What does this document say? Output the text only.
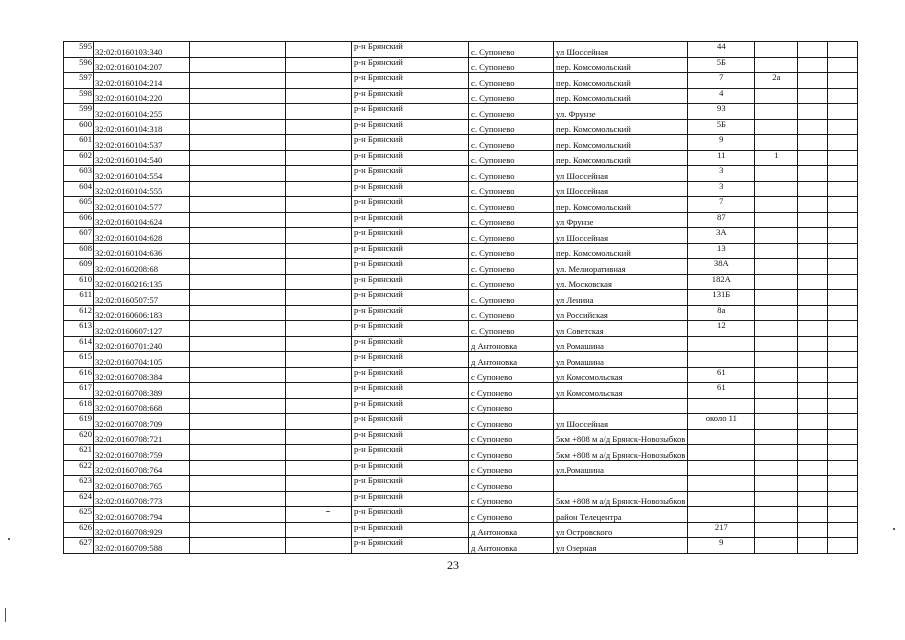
595	32:02:0160103:340			р-н Брянский	с. Супонево	ул Шоссейная	44			
596	32:02:0160104:207			р-н Брянский	с. Супонево	пер. Комсомольский	5Б			
597	32:02:0160104:214			р-н Брянский	с. Супонево	пер. Комсомольский	7	2а		
598	32:02:0160104:220			р-н Брянский	с. Супонево	пер. Комсомольский	4			
599	32:02:0160104:255			р-н Брянский	с. Супонево	ул. Фрунзе	93			
600	32:02:0160104:318			р-н Брянский	с. Супонево	пер. Комсомольский	5Б			
601	32:02:0160104:537			р-н Брянский	с. Супонево	пер. Комсомольский	9			
602	32:02:0160104:540			р-н Брянский	с. Супонево	пер. Комсомольский	11	1		
603	32:02:0160104:554			р-н Брянский	с. Супонево	ул Шоссейная	3			
604	32:02:0160104:555			р-н Брянский	с. Супонево	ул Шоссейная	3			
605	32:02:0160104:577			р-н Брянский	с. Супонево	пер. Комсомольский	7			
606	32:02:0160104:624			р-н Брянский	с. Супонево	ул Фрунзе	87			
607	32:02:0160104:628			р-н Брянский	с. Супонево	ул Шоссейная	3А			
608	32:02:0160104:636			р-н Брянский	с. Супонево	пер. Комсомольский	13			
609	32:02:0160208:68			р-н Брянский	с. Супонево	ул. Мелиоративная	38А			
610	32:02:0160216:135			р-н Брянский	с. Супонево	ул. Московская	182А			
611	32:02:0160507:57			р-н Брянский	с. Супонево	ул Ленина	131Б			
612	32:02:0160606:183			р-н Брянский	с. Супонево	ул Российская	8а			
613	32:02:0160607:127			р-н Брянский	с. Супонево	ул Советская	12			
614	32:02:0160701:240			р-н Брянский	д Антоновка	ул Ромашина				
615	32:02:0160704:105			р-н Брянский	д Антоновка	ул Ромашина				
616	32:02:0160708:384			р-н Брянский	с Супонево	ул Комсомольская	61			
617	32:02:0160708:389			р-н Брянский	с Супонево	ул Комсомольская	61			
618	32:02:0160708:668			р-н Брянский	с Супонево					
619	32:02:0160708:709			р-н Брянский	с Супонево	ул Шоссейная	около 11			
620	32:02:0160708:721			р-н Брянский	с Супонево	5км +808 м а/д Брянск-Новозыбков				
621	32:02:0160708:759			р-н Брянский	с Супонево	5км +808 м а/д Брянск-Новозыбков				
622	32:02:0160708:764			р-н Брянский	с Супонево	ул.Ромашина				
623	32:02:0160708:765			р-н Брянский	с Супонево					
624	32:02:0160708:773			р-н Брянский	с Супонево	5км +808 м а/д Брянск-Новозыбков				
625	32:02:0160708:794			р-н Брянский	с Супонево	район Телецентра				
626	32:02:0160708:929			р-н Брянский	д Антоновка	ул Островского	217			
627	32:02:0160709:588			р-н Брянский	д Антоновка	ул Озерная	9			
23
